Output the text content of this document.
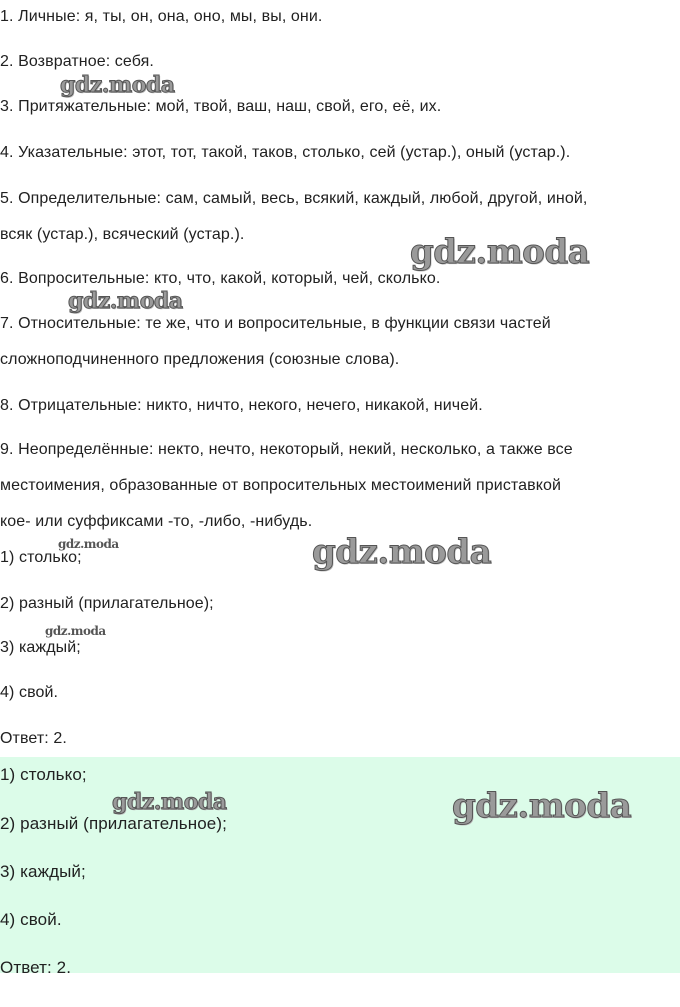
1. Личные: я, ты, он, она, оно, мы, вы, они.

2. Возвратное: себя.

3. Притяжательные: мой, твой, ваш, наш, свой, его, её, их.

4. Указательные: этот, тот, такой, таков, столько, сей (устар.), оный (устар.).

5. Определительные: сам, самый, весь, всякий, каждый, любой, другой, иной,

всяк (устар.), всяческий (устар.).

6. Вопросительные: кто, что, какой, который, чей, сколько.

7. Относительные: те же, что и вопросительные, в функции связи частей

сложноподчиненного предложения (союзные слова).

8. Отрицательные: никто, ничто, некого, нечего, никакой, ничей.

9. Неопределённые: некто, нечто, некоторый, некий, несколько, а также все

местоимения, образованные от вопросительных местоимений приставкой

кое- или суффиксами -то, -либо, -нибудь.

1) столько;

2) разный (прилагательное);

3) каждый;

4) свой.

Ответ: 2.

1) столько;

2) разный (прилагательное);

3) каждый;

4) свой.

Ответ: 2.

gdz.moda
gdz.moda
gdz.moda
gdz.moda	gdz.moda
gdz.moda
gdz.moda	gdz.moda
